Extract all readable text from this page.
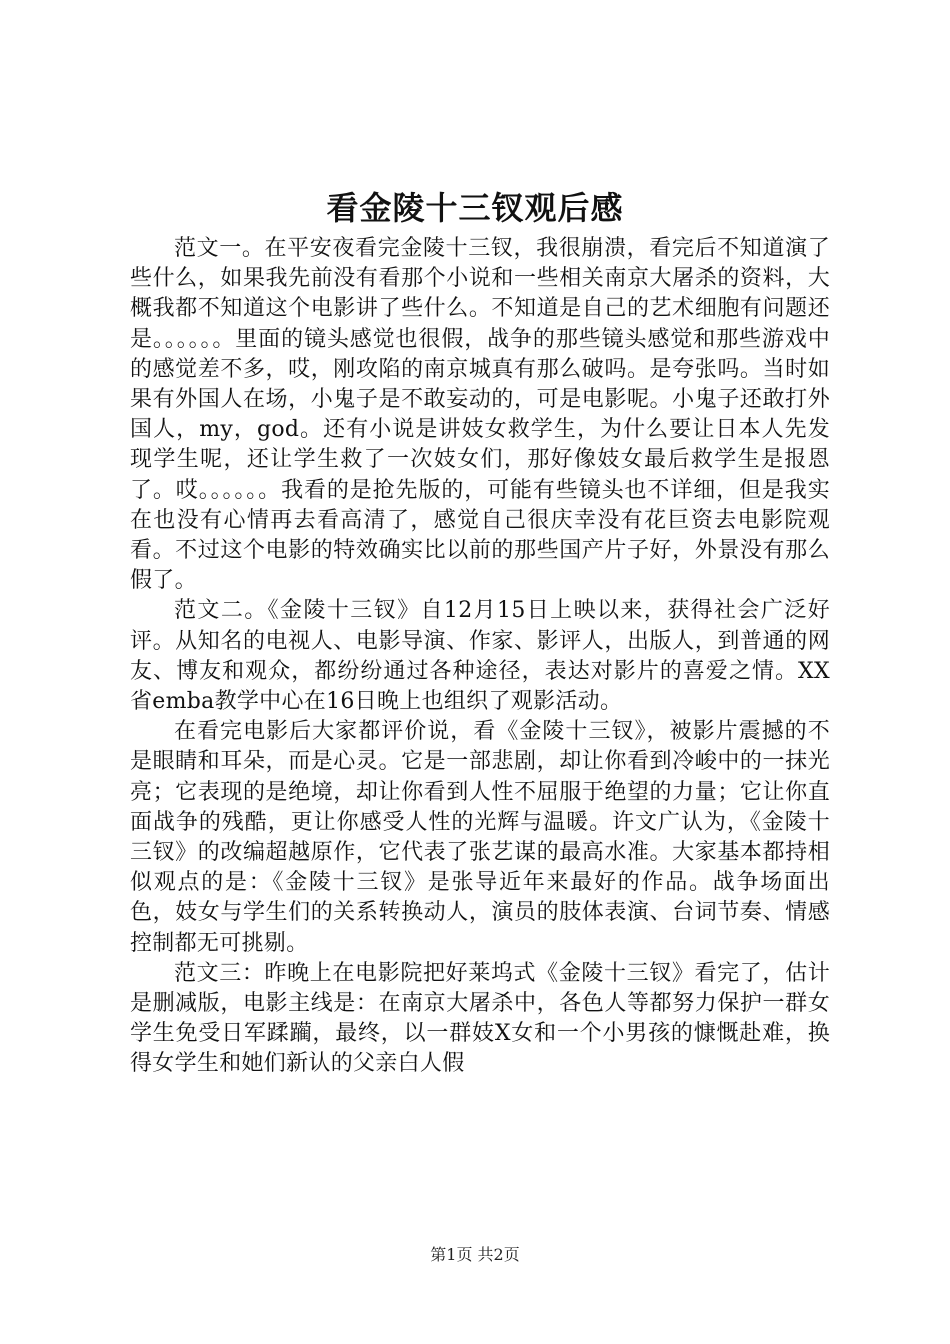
看金陵十三钗观后感

范文一。在平安夜看完金陵十三钗，我很崩溃，看完后不知道演了些什么，如果我先前没有看那个小说和一些相关南京大屠杀的资料，大概我都不知道这个电影讲了些什么。不知道是自己的艺术细胞有问题还是。。。。。。里面的镜头感觉也很假，战争的那些镜头感觉和那些游戏中的感觉差不多，哎，刚攻陷的南京城真有那么破吗。是夸张吗。当时如果有外国人在场，小鬼子是不敢妄动的，可是电影呢。小鬼子还敢打外国人，my，god。还有小说是讲妓女救学生，为什么要让日本人先发现学生呢，还让学生救了一次妓女们，那好像妓女最后救学生是报恩了。哎。。。。。。我看的是抢先版的，可能有些镜头也不详细，但是我实在也没有心情再去看高清了，感觉自己很庆幸没有花巨资去电影院观看。不过这个电影的特效确实比以前的那些国产片子好，外景没有那么假了。

范文二。《金陵十三钗》自12月15日上映以来，获得社会广泛好评。从知名的电视人、电影导演、作家、影评人，出版人，到普通的网友、博友和观众，都纷纷通过各种途径，表达对影片的喜爱之情。XX省emba教学中心在16日晚上也组织了观影活动。

在看完电影后大家都评价说，看《金陵十三钗》，被影片震撼的不是眼睛和耳朵，而是心灵。它是一部悲剧，却让你看到冷峻中的一抹光亮；它表现的是绝境，却让你看到人性不屈服于绝望的力量；它让你直面战争的残酷，更让你感受人性的光辉与温暖。许文广认为，《金陵十三钗》的改编超越原作，它代表了张艺谋的最高水准。大家基本都持相似观点的是：《金陵十三钗》是张导近年来最好的作品。战争场面出色，妓女与学生们的关系转换动人，演员的肢体表演、台词节奏、情感控制都无可挑剔。

范文三：昨晚上在电影院把好莱坞式《金陵十三钗》看完了，估计是删减版，电影主线是：在南京大屠杀中，各色人等都努力保护一群女学生免受日军蹂躏，最终，以一群妓X女和一个小男孩的慷慨赴难，换得女学生和她们新认的父亲白人假

第1页 共2页
